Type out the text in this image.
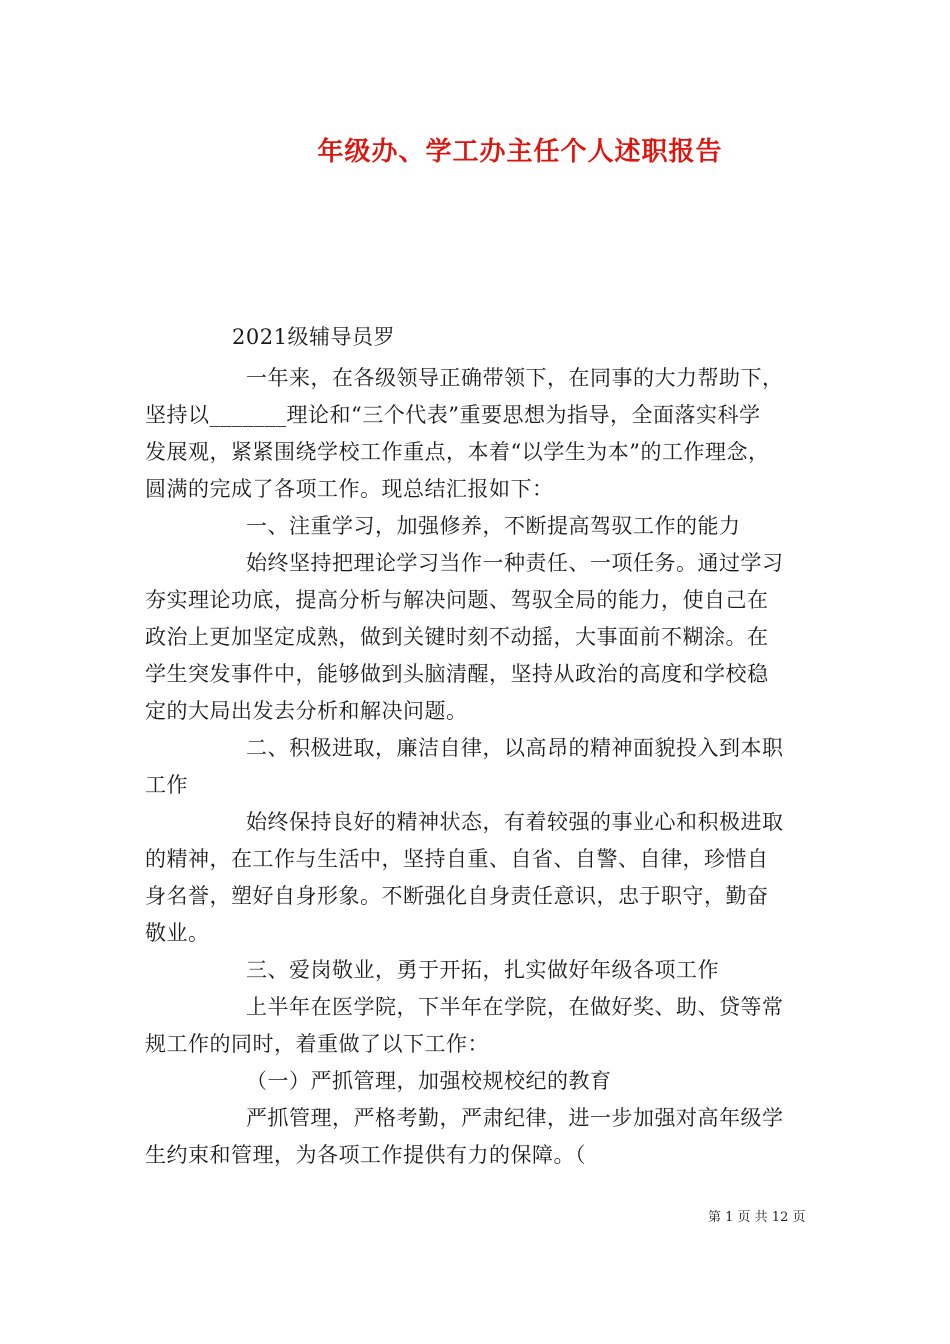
年级办、学工办主任个人述职报告
2021级辅导员罗
一年来，在各级领导正确带领下，在同事的大力帮助下，
坚持以_______理论和“三个代表”重要思想为指导，全面落实科学
发展观，紧紧围绕学校工作重点，本着“以学生为本”的工作理念，
圆满的完成了各项工作。现总结汇报如下：
一、注重学习，加强修养，不断提高驾驭工作的能力
始终坚持把理论学习当作一种责任、一项任务。通过学习
夯实理论功底，提高分析与解决问题、驾驭全局的能力，使自己在
政治上更加坚定成熟，做到关键时刻不动摇，大事面前不糊涂。在
学生突发事件中，能够做到头脑清醒，坚持从政治的高度和学校稳
定的大局出发去分析和解决问题。
二、积极进取，廉洁自律，以高昂的精神面貌投入到本职
工作
始终保持良好的精神状态，有着较强的事业心和积极进取
的精神，在工作与生活中，坚持自重、自省、自警、自律，珍惜自
身名誉，塑好自身形象。不断强化自身责任意识，忠于职守，勤奋
敬业。
三、爱岗敬业，勇于开拓，扎实做好年级各项工作
上半年在医学院，下半年在学院，在做好奖、助、贷等常
规工作的同时，着重做了以下工作：
（一）严抓管理，加强校规校纪的教育
严抓管理，严格考勤，严肃纪律，进一步加强对高年级学
生约束和管理，为各项工作提供有力的保障。（
第 1 页 共 12 页
